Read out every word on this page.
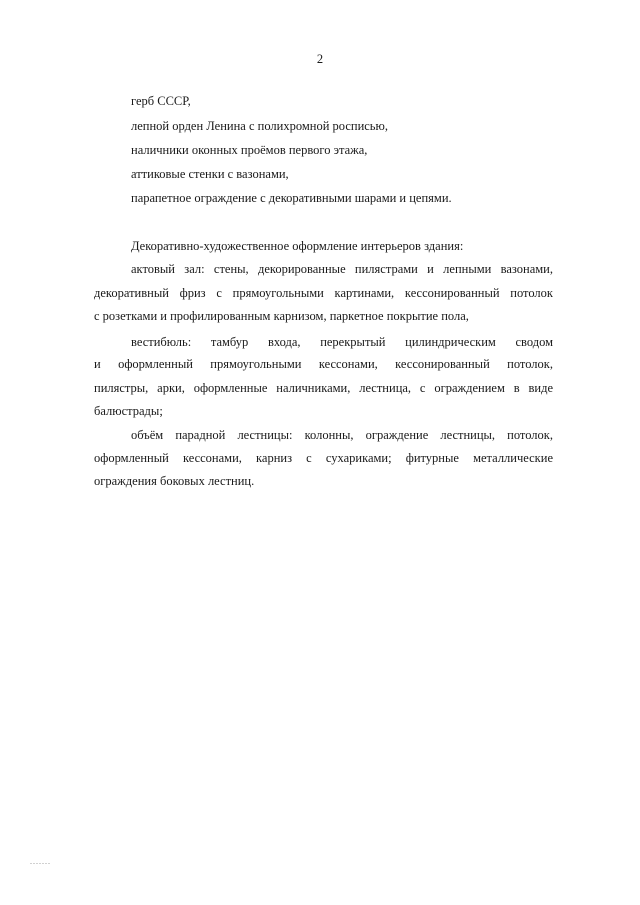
2
герб СССР,
лепной орден Ленина с полихромной росписью,
наличники оконных проёмов первого этажа,
аттиковые стенки с вазонами,
парапетное ограждение с декоративными шарами и цепями.
Декоративно-художественное оформление интерьеров здания:
актовый зал: стены, декорированные пилястрами и лепными вазонами,
декоративный фриз с прямоугольными картинами, кессонированный потолок
с розетками и профилированным карнизом, паркетное покрытие пола,
вестибюль: тамбур входа, перекрытый цилиндрическим сводом
и оформленный прямоугольными кессонами, кессонированный потолок,
пилястры, арки, оформленные наличниками, лестница, с ограждением в виде
балюстрады;
объём парадной лестницы: колонны, ограждение лестницы, потолок,
оформленный кессонами, карниз с сухариками; фитурные металлические
ограждения боковых лестниц.
.......
